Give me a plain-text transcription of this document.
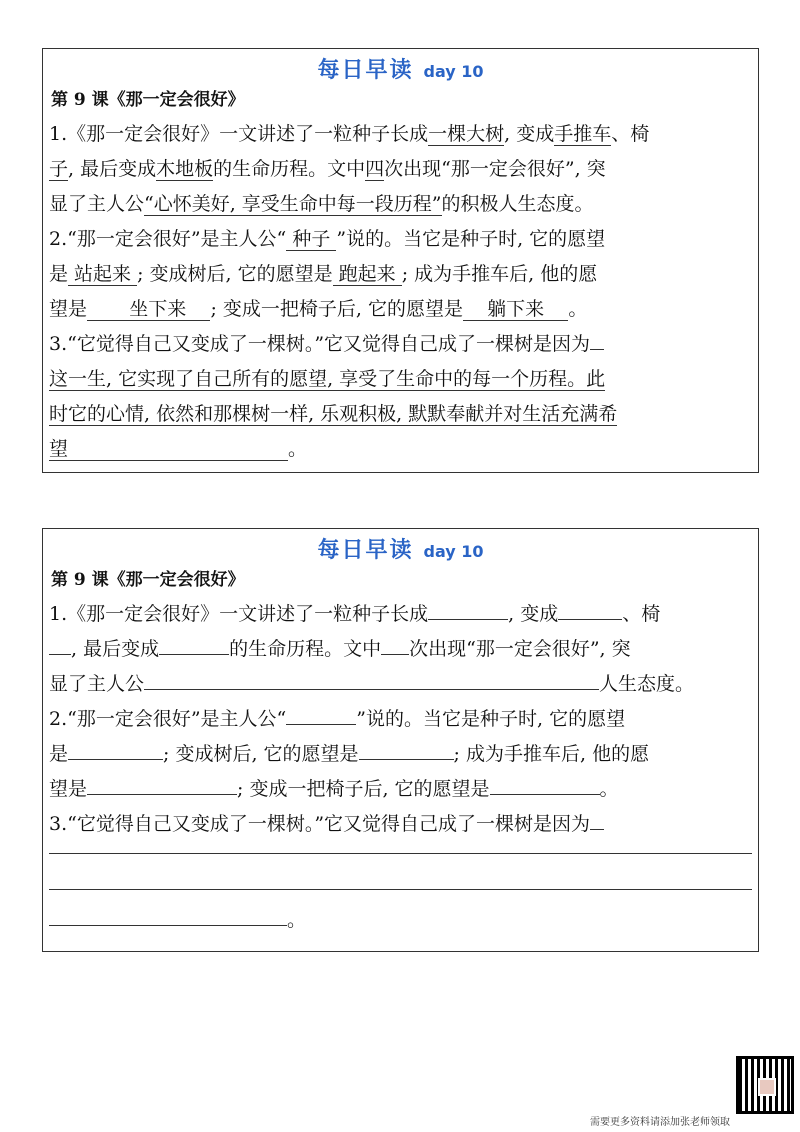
每日早读 day 10
第 9 课《那一定会很好》
1.《那一定会很好》一文讲述了一粒种子长成一棵大树, 变成手推车、椅
子, 最后变成木地板的生命历程。文中四次出现“那一定会很好”, 突
显了主人公“心怀美好, 享受生命中每一段历程”的积极人生态度。
2.“那一定会很好”是主人公“ 种子 ”说的。当它是种子时, 它的愿望
是 站起来 ; 变成树后, 它的愿望是 跑起来 ; 成为手推车后, 他的愿
望是       坐下来    ; 变成一把椅子后, 它的愿望是    躺下来    。
3.“它觉得自己又变成了一棵树。”它又觉得自己成了一棵树是因为
这一生, 它实现了自己所有的愿望, 享受了生命中的每一个历程。此
时它的心情, 依然和那棵树一样, 乐观积极, 默默奉献并对生活充满希
望	。
每日早读 day 10
第 9 课《那一定会很好》
1.《那一定会很好》一文讲述了一粒种子长成	, 变成	、椅
, 最后变成	的生命历程。文中 次出现“那一定会很好”, 突
显了主人公	人生态度。
2.“那一定会很好”是主人公“	”说的。当它是种子时, 它的愿望
是	; 变成树后, 它的愿望是	; 成为手推车后, 他的愿
望是	; 变成一把椅子后, 它的愿望是	。
3.“它觉得自己又变成了一棵树。”它又觉得自己成了一棵树是因为
。
需要更多资料请添加张老师领取
